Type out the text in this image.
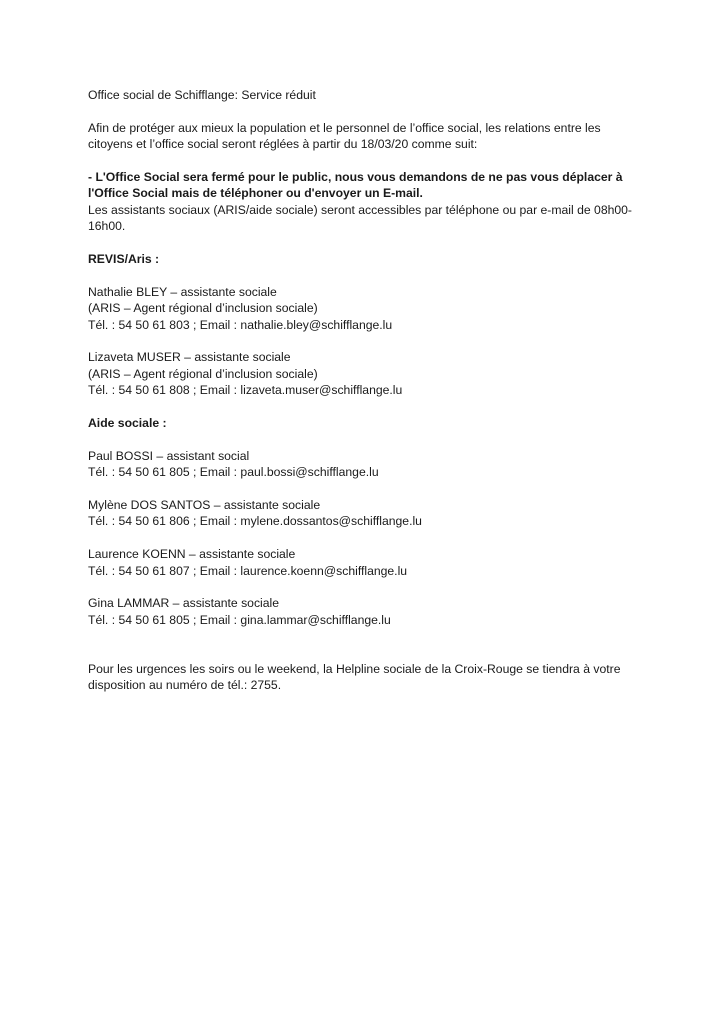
Office social de Schifflange: Service réduit

Afin de protéger aux mieux la population et le personnel de l’office social, les relations entre les citoyens et l’office social seront réglées à partir du 18/03/20 comme suit:

- L'Office Social sera fermé pour le public, nous vous demandons de ne pas vous déplacer à l'Office Social mais de téléphoner ou d'envoyer un E-mail.

Les assistants sociaux (ARIS/aide sociale) seront accessibles par téléphone ou par e-mail de 08h00-16h00.

REVIS/Aris :

Nathalie BLEY – assistante sociale
(ARIS – Agent régional d’inclusion sociale)
Tél. : 54 50 61 803 ; Email : nathalie.bley@schifflange.lu
Lizaveta MUSER – assistante sociale
(ARIS – Agent régional d’inclusion sociale)
Tél. : 54 50 61 808 ; Email : lizaveta.muser@schifflange.lu

Aide sociale :

Paul BOSSI – assistant social
Tél. : 54 50 61 805 ; Email : paul.bossi@schifflange.lu
Mylène DOS SANTOS – assistante sociale
Tél. : 54 50 61 806 ; Email : mylene.dossantos@schifflange.lu
Laurence KOENN – assistante sociale
Tél. : 54 50 61 807 ; Email : laurence.koenn@schifflange.lu
Gina LAMMAR – assistante sociale
Tél. : 54 50 61 805 ; Email : gina.lammar@schifflange.lu

Pour les urgences les soirs ou le weekend, la Helpline sociale de la Croix-Rouge se tiendra à votre disposition au numéro de tél.: 2755.
